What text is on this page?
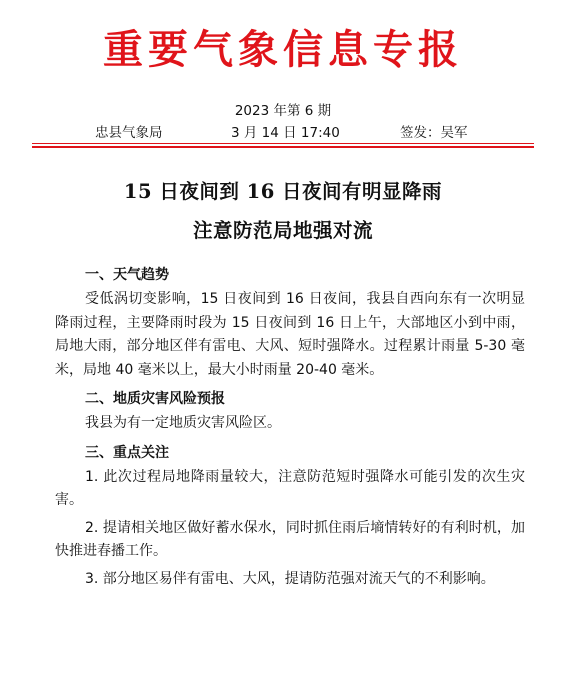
重要气象信息专报
2023 年第 6 期
忠县气象局	3 月 14 日 17:40	签发：吴军
15 日夜间到 16 日夜间有明显降雨
注意防范局地强对流
一、天气趋势

受低涡切变影响，15 日夜间到 16 日夜间，我县自西向东有一次明显降雨过程，主要降雨时段为 15 日夜间到 16 日上午，大部地区小到中雨，局地大雨，部分地区伴有雷电、大风、短时强降水。过程累计雨量 5-30 毫米，局地 40 毫米以上，最大小时雨量 20-40 毫米。

二、地质灾害风险预报

我县为有一定地质灾害风险区。

三、重点关注

1. 此次过程局地降雨量较大，注意防范短时强降水可能引发的次生灾害。

2. 提请相关地区做好蓄水保水，同时抓住雨后墒情转好的有利时机，加快推进春播工作。

3. 部分地区易伴有雷电、大风，提请防范强对流天气的不利影响。
